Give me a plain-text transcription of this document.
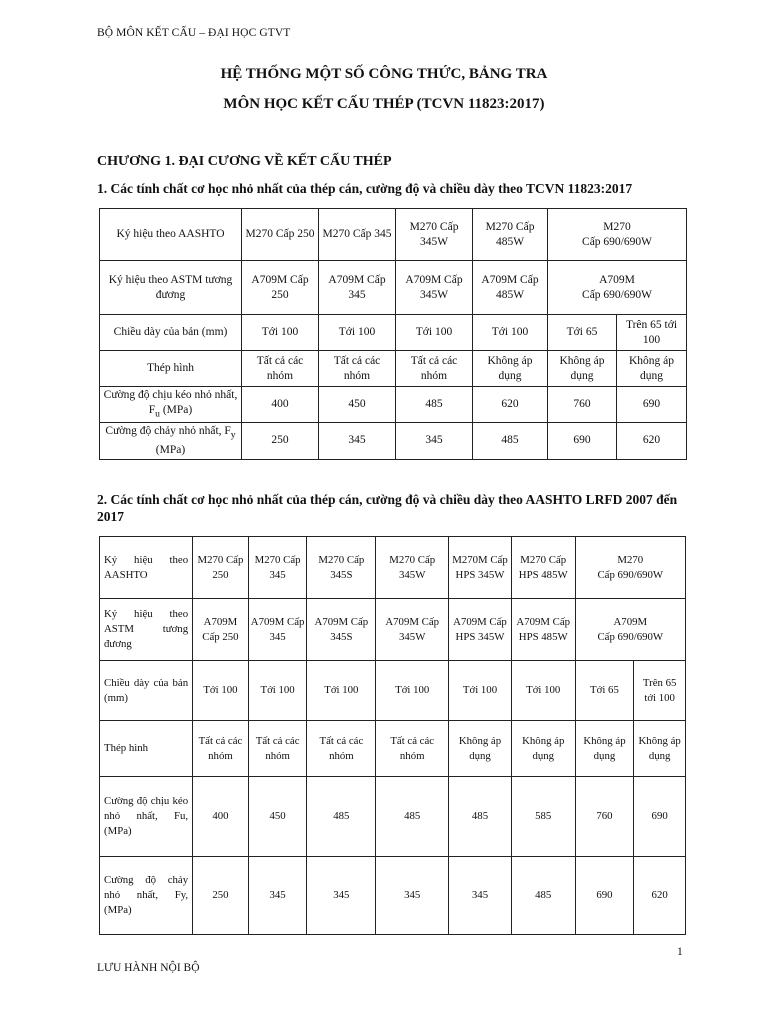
BỘ MÔN KẾT CẤU – ĐẠI HỌC GTVT
HỆ THỐNG MỘT SỐ CÔNG THỨC, BẢNG TRA
MÔN HỌC KẾT CẤU THÉP (TCVN 11823:2017)
CHƯƠNG 1. ĐẠI CƯƠNG VỀ KẾT CẤU THÉP
1. Các tính chất cơ học nhỏ nhất của thép cán, cường độ và chiều dày theo TCVN 11823:2017
Ký hiệu theo AASHTO	M270 Cấp 250	M270 Cấp 345	M270 Cấp 345W	M270 Cấp 485W	M270
Cấp 690/690W	
Ký hiệu theo ASTM tương đương	A709M Cấp 250	A709M Cấp 345	A709M Cấp 345W	A709M Cấp 485W	A709M
Cấp 690/690W	
Chiều dày của bản (mm)	Tới 100	Tới 100	Tới 100	Tới 100	Tới 65	Trên 65 tới 100
Thép hình	Tất cả các nhóm	Tất cả các nhóm	Tất cả các nhóm	Không áp dụng	Không áp dụng	Không áp dụng
Cường độ chịu kéo nhỏ nhất, $F_u$ (MPa)	400	450	485	620	760	690
Cường độ chảy nhỏ nhất, $F_y$ (MPa)	250	345	345	485	690	620
2. Các tính chất cơ học nhỏ nhất của thép cán, cường độ và chiều dày theo AASHTO LRFD 2007 đến 2017
Ký hiệu theo AASHTO	M270 Cấp 250	M270 Cấp 345	M270 Cấp 345S	M270 Cấp 345W	M270M Cấp HPS 345W	M270 Cấp HPS 485W	M270
Cấp 690/690W	
Ký hiệu theo ASTM tương đương	A709M Cấp 250	A709M Cấp 345	A709M Cấp 345S	A709M Cấp 345W	A709M Cấp HPS 345W	A709M Cấp HPS 485W	A709M
Cấp 690/690W	
Chiều dày của bản (mm)	Tới 100	Tới 100	Tới 100	Tới 100	Tới 100	Tới 100	Tới 65	Trên 65 tới 100
Thép hình	Tất cả các nhóm	Tất cả các nhóm	Tất cả các nhóm	Tất cả các nhóm	Không áp dụng	Không áp dụng	Không áp dụng	Không áp dụng
Cường độ chịu kéo nhỏ nhất, Fu, (MPa)	400	450	485	485	485	585	760	690
Cường độ chảy nhỏ nhất, Fy, (MPa)	250	345	345	345	345	485	690	620
1
LƯU HÀNH NỘI BỘ
